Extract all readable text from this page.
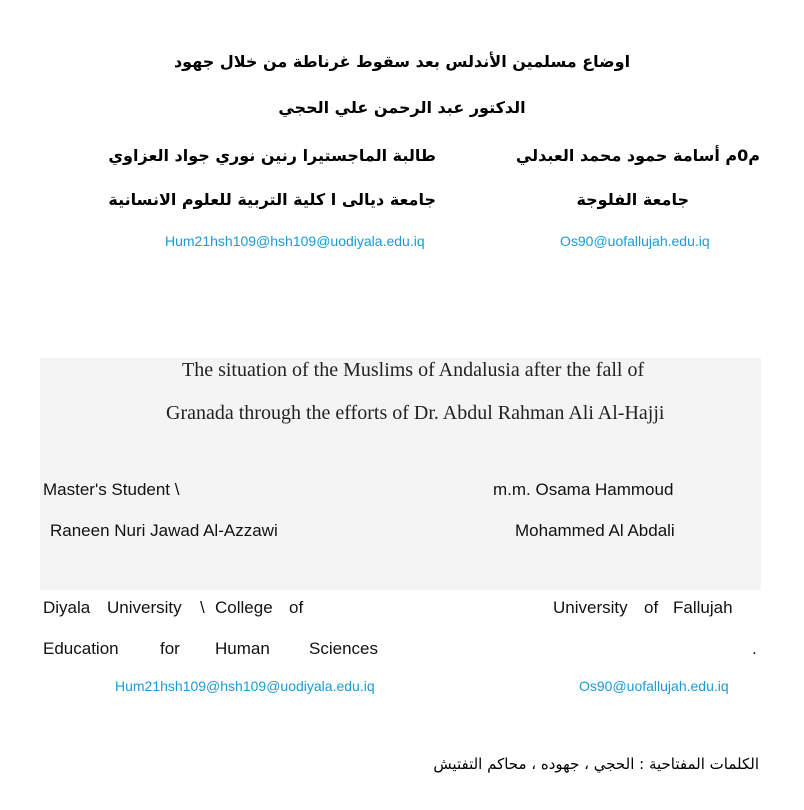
اوضاع مسلمين الأندلس بعد سقوط غرناطة من خلال جهود
الدكتور عبد الرحمن علي الحجي
م0م أسامة حمود محمد العبدلي
طالبة الماجستيرا رنين نوري جواد العزاوي
جامعة الفلوجة
جامعة ديالى ا كلية التربية للعلوم الانسانية
Os90@uofallujah.edu.iq
Hum21hsh109@hsh109@uodiyala.edu.iq
The situation of the Muslims of Andalusia after the fall of
Granada through the efforts of Dr. Abdul Rahman Ali Al-Hajji
Master's Student \
Raneen Nuri Jawad Al-Azzawi
m.m. Osama Hammoud
Mohammed Al Abdali
Diyala University \ College of
Education for Human Sciences
University of Fallujah
.
Hum21hsh109@hsh109@uodiyala.edu.iq	Os90@uofallujah.edu.iq
الكلمات المفتاحية : الحجي ، جهوده ، محاكم التفتيش
